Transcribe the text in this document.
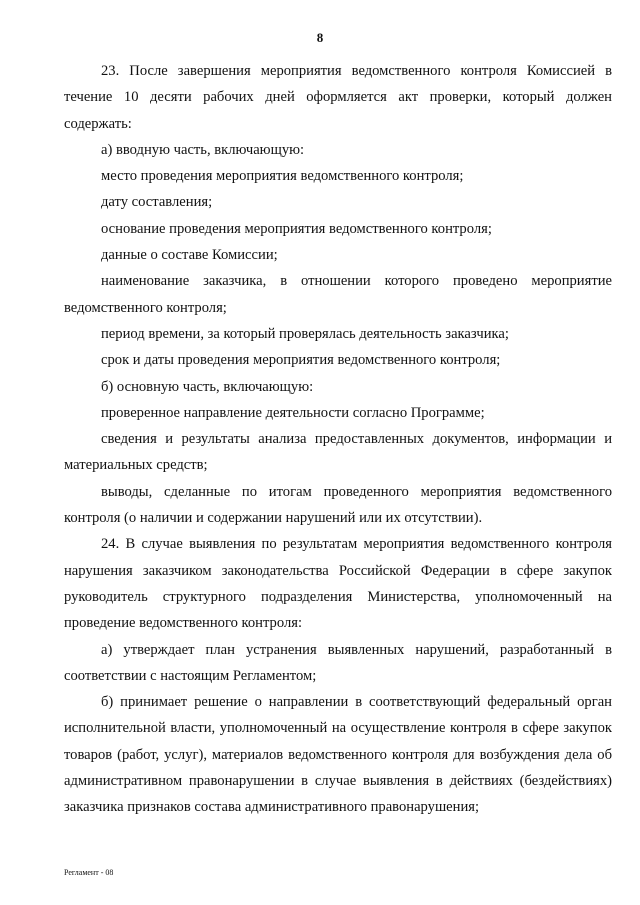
8

23. После завершения мероприятия ведомственного контроля Комиссией в течение 10 десяти рабочих дней оформляется акт проверки, который должен содержать:

а) вводную часть, включающую:

место проведения мероприятия ведомственного контроля;

дату составления;

основание проведения мероприятия ведомственного контроля;

данные о составе Комиссии;

наименование заказчика, в отношении которого проведено мероприятие ведомственного контроля;

период времени, за который проверялась деятельность заказчика;

срок и даты проведения мероприятия ведомственного контроля;

б) основную часть, включающую:

проверенное направление деятельности согласно Программе;

сведения и результаты анализа предоставленных документов, информации и материальных средств;

выводы, сделанные по итогам проведенного мероприятия ведомственного контроля (о наличии и содержании нарушений или их отсутствии).

24. В случае выявления по результатам мероприятия ведомственного контроля нарушения заказчиком законодательства Российской Федерации в сфере закупок руководитель структурного подразделения Министерства, уполномоченный на проведение ведомственного контроля:

а) утверждает план устранения выявленных нарушений, разработанный в соответствии с настоящим Регламентом;

б) принимает решение о направлении в соответствующий федеральный орган исполнительной власти, уполномоченный на осуществление контроля в сфере закупок товаров (работ, услуг), материалов ведомственного контроля для возбуждения дела об административном правонарушении в случае выявления в действиях (бездействиях) заказчика признаков состава административного правонарушения;

Регламент - 08
